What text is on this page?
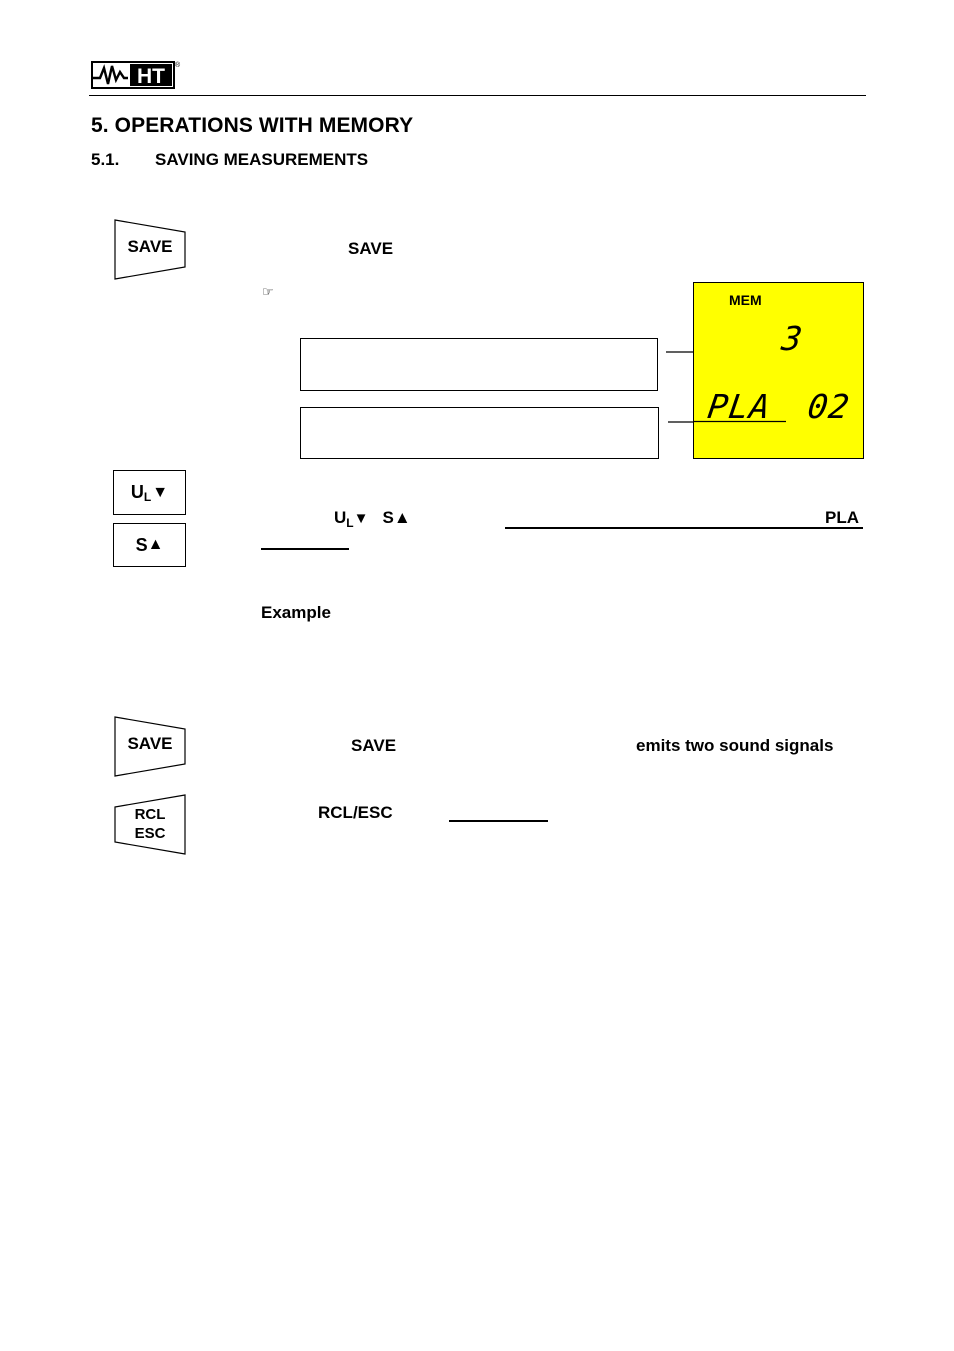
HT ®
5. OPERATIONS WITH MEMORY
5.1. SAVING MEASUREMENTS
SAVE	SAVE
☞
MEM
3
PLA 02
U L ▼
S ▲
$U_L▼$ S▲	PLA
Example
SAVE	SAVE	emits two sound signals
RCL
ESC
RCL/ESC
